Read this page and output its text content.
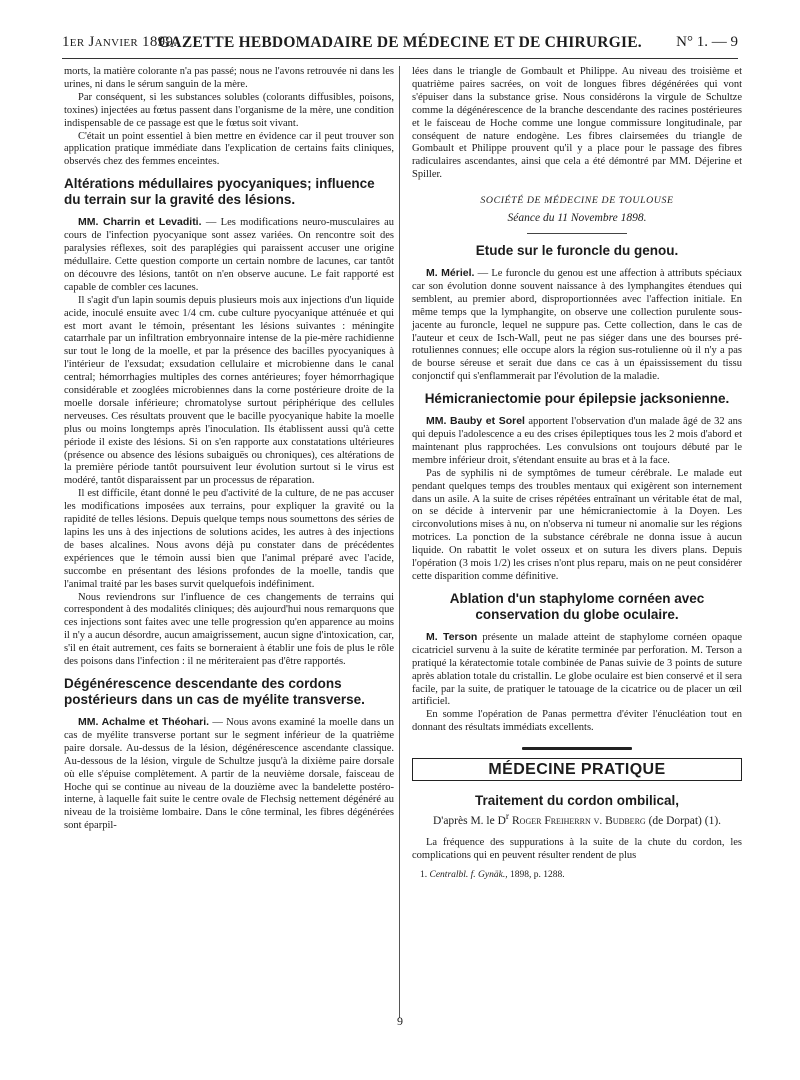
1er Janvier 1899.
GAZETTE HEBDOMADAIRE DE MÉDECINE ET DE CHIRURGIE.	N° 1. — 9

morts, la matière colorante n'a pas passé; nous ne l'avons retrouvée ni dans les urines, ni dans le sérum sanguin de la mère.

Par conséquent, si les substances solubles (colorants diffusibles, poisons, toxines) injectées au fœtus passent dans l'organisme de la mère, une condition indispensable de ce passage est que le fœtus soit vivant.

C'était un point essentiel à bien mettre en évidence car il peut trouver son application pratique immédiate dans l'explication de certains faits cliniques, observés chez des femmes enceintes.

Altérations médullaires pyocyaniques; influence du terrain sur la gravité des lésions.

MM. Charrin et Levaditi. — Les modifications neuro-musculaires au cours de l'infection pyocyanique sont assez variées. On rencontre soit des paralysies réflexes, soit des paraplégies qui paraissent accuser une origine médullaire. Cette question comporte un certain nombre de lacunes, car tantôt on découvre des lésions, tantôt on n'en observe aucune. Le fait rapporté est capable de combler ces lacunes.

Il s'agit d'un lapin soumis depuis plusieurs mois aux injections d'un liquide acide, inoculé ensuite avec 1/4 cm. cube culture pyocyanique atténuée et qui est mort avant le témoin, présentant les lésions suivantes : méningite catarrhale par un infiltration embryonnaire intense de la pie-mère rachidienne sur tout le long de la moelle, et par la présence des bacilles pyocyaniques à l'intérieur de l'exsudat; exsudation cellulaire et microbienne dans le canal central; hémorrhagies multiples des cornes antérieures; foyer hémorrhagique considérable et zooglées microbiennes dans la corne postérieure droite de la moelle dorsale inférieure; chromatolyse surtout périphérique des cellules nerveuses. Ces résultats prouvent que le bacille pyocyanique habite la moelle plus ou moins longtemps après l'inoculation. Ils établissent aussi qu'à cette période il existe des lésions. Si on s'en rapporte aux constatations ultérieures (présence ou absence des lésions subaiguës ou chroniques), ces altérations de la première période tantôt poursuivent leur évolution surtout si le virus est modéré, tantôt disparaissent par un processus de réparation.

Il est difficile, étant donné le peu d'activité de la culture, de ne pas accuser les modifications imposées aux terrains, pour expliquer la gravité ou la rapidité de telles lésions. Depuis quelque temps nous soumettons des séries de lapins les uns à des injections de solutions acides, les autres à des injections de bases alcalines. Nous avons déjà pu constater dans de précédentes expériences que le témoin aussi bien que l'animal préparé avec l'acide, succombe en présentant des lésions profondes de la moelle, tandis que l'animal traité par les bases survit quelquefois indéfiniment.

Nous reviendrons sur l'influence de ces changements de terrains qui correspondent à des modalités cliniques; dès aujourd'hui nous remarquons que ces injections sont faites avec une telle progression qu'en apparence au moins il n'y a aucun désordre, aucun amaigrissement, aucun signe d'intoxication, car, s'il en était autrement, ces faits se borneraient à établir une fois de plus le rôle des poisons dans l'infection : il ne mériteraient pas d'être rapportés.

Dégénérescence descendante des cordons postérieurs dans un cas de myélite transverse.

MM. Achalme et Théohari. — Nous avons examiné la moelle dans un cas de myélite transverse portant sur le segment inférieur de la quatrième paire dorsale. Au-dessus de la lésion, dégénérescence ascendante classique. Au-dessous de la lésion, virgule de Schultze jusqu'à la dixième paire dorsale où elle s'épuise complètement. A partir de la neuvième dorsale, faisceau de Hoche qui se continue au niveau de la douzième avec la bandelette postéro-interne, à laquelle fait suite le centre ovale de Flechsig nettement dégénéré au niveau de la troisième lombaire. Dans le cône terminal, les fibres dégénérées sont éparpil-

lées dans le triangle de Gombault et Philippe. Au niveau des troisième et quatrième paires sacrées, on voit de longues fibres dégénérées qui vont s'épuiser dans la substance grise. Nous considérons la virgule de Schultze comme la dégénérescence de la branche descendante des racines postérieures et le faisceau de Hoche comme une longue commissure longitudinale, par conséquent de nature endogène. Les fibres clairsemées du triangle de Gombault et Philippe prouvent qu'il y a place pour le passage des fibres radiculaires ascendantes, ainsi que cela a été démontré par MM. Déjerine et Spiller.

SOCIÉTÉ DE MÉDECINE DE TOULOUSE
Séance du 11 Novembre 1898.
Etude sur le furoncle du genou.

M. Mériel. — Le furoncle du genou est une affection à attributs spéciaux car son évolution donne souvent naissance à des lymphangites étendues qui semblent, au premier abord, disproportionnées avec l'affection initiale. En même temps que la lymphangite, on observe une collection purulente sous-jacente au furoncle, lequel ne suppure pas. Cette collection, dans le cas de l'auteur et ceux de Isch-Wall, peut ne pas siéger dans une des bourses pré-rotuliennes connues; elle occupe alors la région sus-rotulienne où il n'y a pas de bourse séreuse et serait due dans ce cas à un épaississement du tissu conjonctif qui s'enflammerait par l'évolution de la maladie.

Hémicraniectomie pour épilepsie jacksonienne.

MM. Bauby et Sorel apportent l'observation d'un malade âgé de 32 ans qui depuis l'adolescence a eu des crises épileptiques tous les 2 mois d'abord et maintenant plus rapprochées. Les convulsions ont toujours débuté par le membre inférieur droit, s'étendant ensuite au bras et à la face.

Pas de syphilis ni de symptômes de tumeur cérébrale. Le malade eut pendant quelques temps des troubles mentaux qui exigèrent son internement dans un asile. A la suite de crises répétées entraînant un véritable état de mal, on se décide à intervenir par une hémicraniectomie à la Doyen. Les circonvolutions mises à nu, on n'observa ni tumeur ni anomalie sur les régions motrices. La ponction de la substance cérébrale ne donna issue à aucun liquide. On rabattit le volet osseux et on sutura les divers plans. Depuis l'opération (3 mois 1/2) les crises n'ont plus reparu, mais on ne peut considérer cette disparition comme définitive.

Ablation d'un staphylome cornéen avec conservation du globe oculaire.

M. Terson présente un malade atteint de staphylome cornéen opaque cicatriciel survenu à la suite de kératite terminée par perforation. M. Terson a pratiqué la kératectomie totale combinée de Panas suivie de 3 points de suture après ablation totale du cristallin. Le globe oculaire est bien conservé et il sera facile, par la suite, de pratiquer le tatouage de la cicatrice ou de placer un œil artificiel.

En somme l'opération de Panas permettra d'éviter l'énucléation tout en donnant des résultats immédiats excellents.

MÉDECINE PRATIQUE
Traitement du cordon ombilical,
D'après M. le $D^r$ Roger Freiherrn v. Budberg (de Dorpat) (1).

La fréquence des suppurations à la suite de la chute du cordon, les complications qui en peuvent résulter rendent de plus

1. Centralbl. f. Gynäk., 1898, p. 1288.
9
